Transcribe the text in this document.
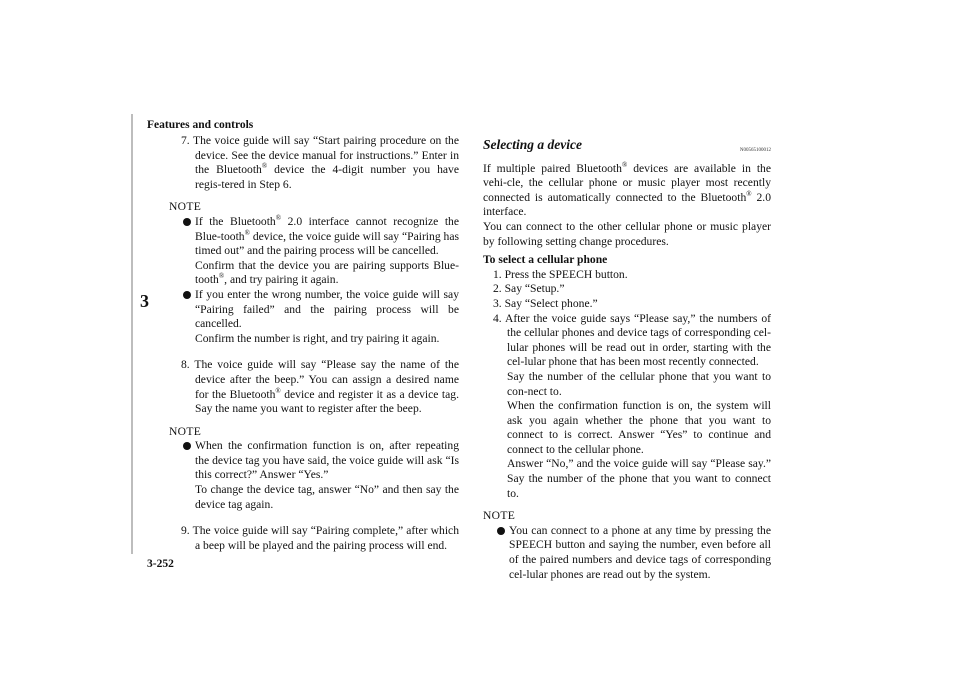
Features and controls
3
3-252

7. The voice guide will say “Start pairing procedure on the device. See the device manual for instructions.” Enter in the Bluetooth® device the 4-digit number you have regis-tered in Step 6.

NOTE

If the Bluetooth® 2.0 interface cannot recognize the Blue-tooth® device, the voice guide will say “Pairing has timed out” and the pairing process will be cancelled.

Confirm that the device you are pairing supports Blue-tooth®, and try pairing it again.

If you enter the wrong number, the voice guide will say “Pairing failed” and the pairing process will be cancelled.

Confirm the number is right, and try pairing it again.

8. The voice guide will say “Please say the name of the device after the beep.” You can assign a desired name for the Bluetooth® device and register it as a device tag. Say the name you want to register after the beep.

NOTE

When the confirmation function is on, after repeating the device tag you have said, the voice guide will ask “Is this correct?” Answer “Yes.”

To change the device tag, answer “No” and then say the device tag again.

9. The voice guide will say “Pairing complete,” after which a beep will be played and the pairing process will end.

Selecting a device	N00565100012

If multiple paired Bluetooth® devices are available in the vehi-cle, the cellular phone or music player most recently connected is automatically connected to the Bluetooth® 2.0 interface.

You can connect to the other cellular phone or music player by following setting change procedures.

To select a cellular phone

1. Press the SPEECH button.

2. Say “Setup.”

3. Say “Select phone.”

4. After the voice guide says “Please say,” the numbers of the cellular phones and device tags of corresponding cel-lular phones will be read out in order, starting with the cel-lular phone that has been most recently connected.

Say the number of the cellular phone that you want to con-nect to.

When the confirmation function is on, the system will ask you again whether the phone that you want to connect to is correct. Answer “Yes” to continue and connect to the cellular phone.

Answer “No,” and the voice guide will say “Please say.” Say the number of the phone that you want to connect to.

NOTE

You can connect to a phone at any time by pressing the SPEECH button and saying the number, even before all of the paired numbers and device tags of corresponding cel-lular phones are read out by the system.
